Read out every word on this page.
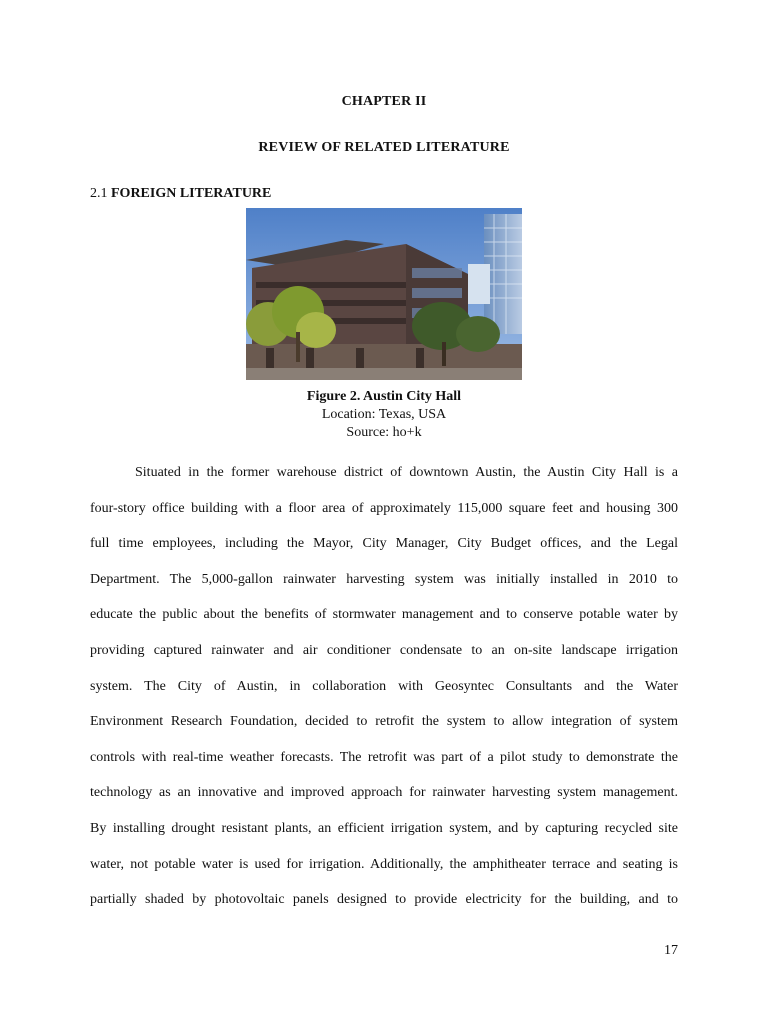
CHAPTER II
REVIEW OF RELATED LITERATURE
2.1 FOREIGN LITERATURE
Figure 2. Austin City Hall
Location: Texas, USA
Source: ho+k
Situated in the former warehouse district of downtown Austin, the Austin City Hall is a
four-story office building with a floor area of approximately 115,000 square feet and housing 300
full time employees, including the Mayor, City Manager, City Budget offices, and the Legal
Department. The 5,000-gallon rainwater harvesting system was initially installed in 2010 to
educate the public about the benefits of stormwater management and to conserve potable water by
providing captured rainwater and air conditioner condensate to an on-site landscape irrigation
system. The City of Austin, in collaboration with Geosyntec Consultants and the Water
Environment Research Foundation, decided to retrofit the system to allow integration of system
controls with real-time weather forecasts. The retrofit was part of a pilot study to demonstrate the
technology as an innovative and improved approach for rainwater harvesting system management.
By installing drought resistant plants, an efficient irrigation system, and by capturing recycled site
water, not potable water is used for irrigation. Additionally, the amphitheater terrace and seating is
partially shaded by photovoltaic panels designed to provide electricity for the building, and to
17
